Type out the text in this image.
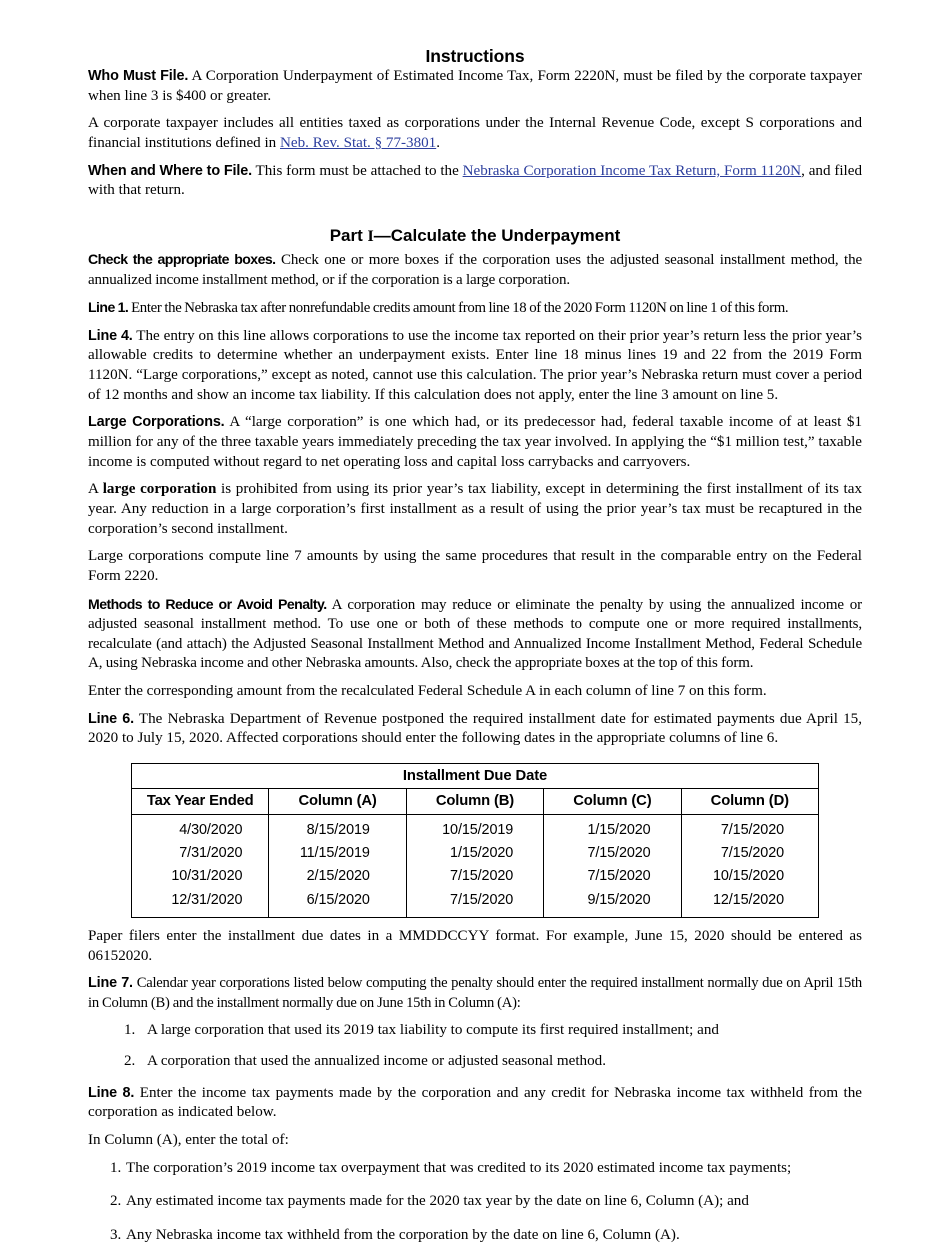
Instructions

Who Must File. A Corporation Underpayment of Estimated Income Tax, Form 2220N, must be filed by the corporate taxpayer when line 3 is $400 or greater.

A corporate taxpayer includes all entities taxed as corporations under the Internal Revenue Code, except S corporations and financial institutions defined in Neb. Rev. Stat. § 77-3801.

When and Where to File. This form must be attached to the Nebraska Corporation Income Tax Return, Form 1120N, and filed with that return.

Part I—Calculate the Underpayment

Check the appropriate boxes. Check one or more boxes if the corporation uses the adjusted seasonal installment method, the annualized income installment method, or if the corporation is a large corporation.

Line 1. Enter the Nebraska tax after nonrefundable credits amount from line 18 of the 2020 Form 1120N on line 1 of this form.

Line 4. The entry on this line allows corporations to use the income tax reported on their prior year’s return less the prior year’s allowable credits to determine whether an underpayment exists. Enter line 18 minus lines 19 and 22 from the 2019 Form 1120N. “Large corporations,” except as noted, cannot use this calculation. The prior year’s Nebraska return must cover a period of 12 months and show an income tax liability. If this calculation does not apply, enter the line 3 amount on line 5.

Large Corporations. A “large corporation” is one which had, or its predecessor had, federal taxable income of at least $1 million for any of the three taxable years immediately preceding the tax year involved. In applying the “$1 million test,” taxable income is computed without regard to net operating loss and capital loss carrybacks and carryovers.

A large corporation is prohibited from using its prior year’s tax liability, except in determining the first installment of its tax year. Any reduction in a large corporation’s first installment as a result of using the prior year’s tax must be recaptured in the corporation’s second installment.

Large corporations compute line 7 amounts by using the same procedures that result in the comparable entry on the Federal Form 2220.

Methods to Reduce or Avoid Penalty. A corporation may reduce or eliminate the penalty by using the annualized income or adjusted seasonal installment method. To use one or both of these methods to compute one or more required installments, recalculate (and attach) the Adjusted Seasonal Installment Method and Annualized Income Installment Method, Federal Schedule A, using Nebraska income and other Nebraska amounts. Also, check the appropriate boxes at the top of this form.

Enter the corresponding amount from the recalculated Federal Schedule A in each column of line 7 on this form.

Line 6. The Nebraska Department of Revenue postponed the required installment date for estimated payments due April 15, 2020 to July 15, 2020. Affected corporations should enter the following dates in the appropriate columns of line 6.

Installment Due Date				
Tax Year Ended	Column (A)	Column (B)	Column (C)	Column (D)
4/30/2020	8/15/2019	10/15/2019	1/15/2020	7/15/2020
7/31/2020	11/15/2019	1/15/2020	7/15/2020	7/15/2020
10/31/2020	2/15/2020	7/15/2020	7/15/2020	10/15/2020
12/31/2020	6/15/2020	7/15/2020	9/15/2020	12/15/2020

Paper filers enter the installment due dates in a MMDDCCYY format. For example, June 15, 2020 should be entered as 06152020.

Line 7. Calendar year corporations listed below computing the penalty should enter the required installment normally due on April 15th in Column (B) and the installment normally due on June 15th in Column (A):

1. A large corporation that used its 2019 tax liability to compute its first required installment; and
2. A corporation that used the annualized income or adjusted seasonal method.

Line 8. Enter the income tax payments made by the corporation and any credit for Nebraska income tax withheld from the corporation as indicated below.

In Column (A), enter the total of:

1. The corporation’s 2019 income tax overpayment that was credited to its 2020 estimated income tax payments;
2. Any estimated income tax payments made for the 2020 tax year by the date on line 6, Column (A); and
3. Any Nebraska income tax withheld from the corporation by the date on line 6, Column (A).
